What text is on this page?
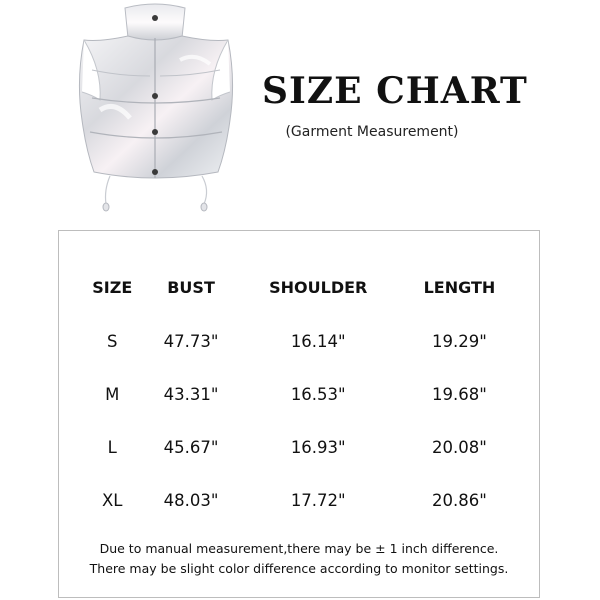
SIZE CHART
(Garment Measurement)
SIZE	BUST	SHOULDER	LENGTH
S	47.73"	16.14"	19.29"
M	43.31"	16.53"	19.68"
L	45.67"	16.93"	20.08"
XL	48.03"	17.72"	20.86"
Due to manual measurement,there may be ± 1 inch difference.
There may be slight color difference according to monitor settings.
